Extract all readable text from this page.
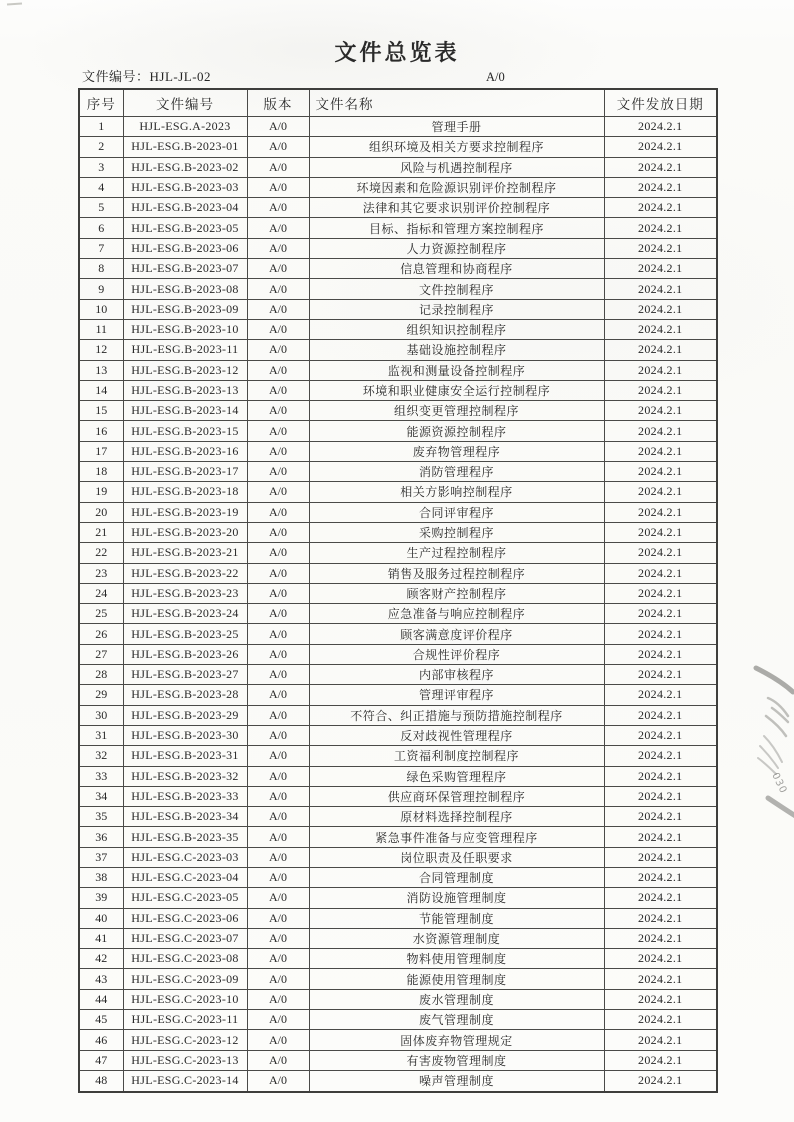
文件总览表
文件编号：HJL-JL-02	A/0
序号	文件编号	版本	文件名称	文件发放日期
1	HJL-ESG.A-2023	A/0	管理手册	2024.2.1
2	HJL-ESG.B-2023-01	A/0	组织环境及相关方要求控制程序	2024.2.1
3	HJL-ESG.B-2023-02	A/0	风险与机遇控制程序	2024.2.1
4	HJL-ESG.B-2023-03	A/0	环境因素和危险源识别评价控制程序	2024.2.1
5	HJL-ESG.B-2023-04	A/0	法律和其它要求识别评价控制程序	2024.2.1
6	HJL-ESG.B-2023-05	A/0	目标、指标和管理方案控制程序	2024.2.1
7	HJL-ESG.B-2023-06	A/0	人力资源控制程序	2024.2.1
8	HJL-ESG.B-2023-07	A/0	信息管理和协商程序	2024.2.1
9	HJL-ESG.B-2023-08	A/0	文件控制程序	2024.2.1
10	HJL-ESG.B-2023-09	A/0	记录控制程序	2024.2.1
11	HJL-ESG.B-2023-10	A/0	组织知识控制程序	2024.2.1
12	HJL-ESG.B-2023-11	A/0	基础设施控制程序	2024.2.1
13	HJL-ESG.B-2023-12	A/0	监视和测量设备控制程序	2024.2.1
14	HJL-ESG.B-2023-13	A/0	环境和职业健康安全运行控制程序	2024.2.1
15	HJL-ESG.B-2023-14	A/0	组织变更管理控制程序	2024.2.1
16	HJL-ESG.B-2023-15	A/0	能源资源控制程序	2024.2.1
17	HJL-ESG.B-2023-16	A/0	废弃物管理程序	2024.2.1
18	HJL-ESG.B-2023-17	A/0	消防管理程序	2024.2.1
19	HJL-ESG.B-2023-18	A/0	相关方影响控制程序	2024.2.1
20	HJL-ESG.B-2023-19	A/0	合同评审程序	2024.2.1
21	HJL-ESG.B-2023-20	A/0	采购控制程序	2024.2.1
22	HJL-ESG.B-2023-21	A/0	生产过程控制程序	2024.2.1
23	HJL-ESG.B-2023-22	A/0	销售及服务过程控制程序	2024.2.1
24	HJL-ESG.B-2023-23	A/0	顾客财产控制程序	2024.2.1
25	HJL-ESG.B-2023-24	A/0	应急准备与响应控制程序	2024.2.1
26	HJL-ESG.B-2023-25	A/0	顾客满意度评价程序	2024.2.1
27	HJL-ESG.B-2023-26	A/0	合规性评价程序	2024.2.1
28	HJL-ESG.B-2023-27	A/0	内部审核程序	2024.2.1
29	HJL-ESG.B-2023-28	A/0	管理评审程序	2024.2.1
30	HJL-ESG.B-2023-29	A/0	不符合、纠正措施与预防措施控制程序	2024.2.1
31	HJL-ESG.B-2023-30	A/0	反对歧视性管理程序	2024.2.1
32	HJL-ESG.B-2023-31	A/0	工资福利制度控制程序	2024.2.1
33	HJL-ESG.B-2023-32	A/0	绿色采购管理程序	2024.2.1
34	HJL-ESG.B-2023-33	A/0	供应商环保管理控制程序	2024.2.1
35	HJL-ESG.B-2023-34	A/0	原材料选择控制程序	2024.2.1
36	HJL-ESG.B-2023-35	A/0	紧急事件准备与应变管理程序	2024.2.1
37	HJL-ESG.C-2023-03	A/0	岗位职责及任职要求	2024.2.1
38	HJL-ESG.C-2023-04	A/0	合同管理制度	2024.2.1
39	HJL-ESG.C-2023-05	A/0	消防设施管理制度	2024.2.1
40	HJL-ESG.C-2023-06	A/0	节能管理制度	2024.2.1
41	HJL-ESG.C-2023-07	A/0	水资源管理制度	2024.2.1
42	HJL-ESG.C-2023-08	A/0	物料使用管理制度	2024.2.1
43	HJL-ESG.C-2023-09	A/0	能源使用管理制度	2024.2.1
44	HJL-ESG.C-2023-10	A/0	废水管理制度	2024.2.1
45	HJL-ESG.C-2023-11	A/0	废气管理制度	2024.2.1
46	HJL-ESG.C-2023-12	A/0	固体废弃物管理规定	2024.2.1
47	HJL-ESG.C-2023-13	A/0	有害废物管理制度	2024.2.1
48	HJL-ESG.C-2023-14	A/0	噪声管理制度	2024.2.1
030
